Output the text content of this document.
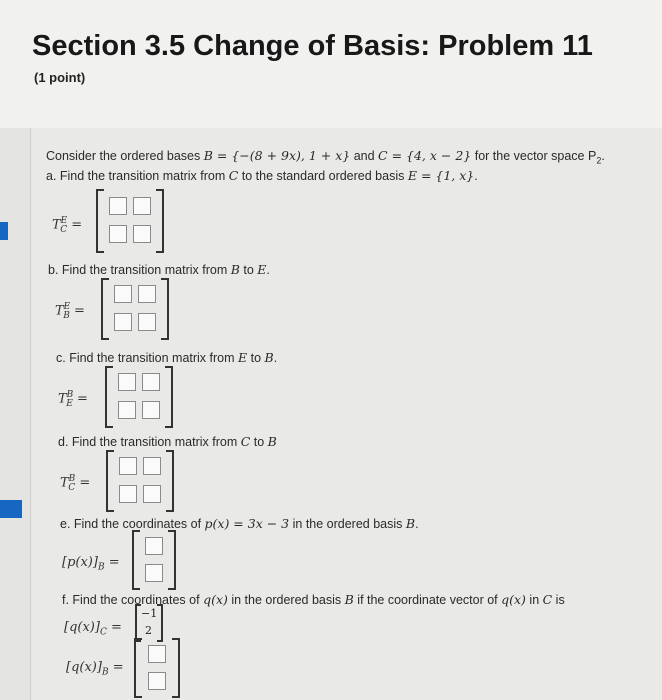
Section 3.5 Change of Basis: Problem 11
(1 point)
Consider the ordered bases B = {−(8 + 9x), 1 + x} and C = {4, x − 2} for the vector space $P_2$.
a. Find the transition matrix from C to the standard ordered basis E = {1, x}.
$T^E_C$ =
b. Find the transition matrix from B to E.
$T^E_B$ =
c. Find the transition matrix from E to B.
$T^B_E$ =
d. Find the transition matrix from C to B
$T^B_C$ =
e. Find the coordinates of p(x) = 3x − 3 in the ordered basis B.
$[p(x)]_B$ =
f. Find the coordinates of q(x) in the ordered basis B if the coordinate vector of q(x) in C is
$[q(x)]_C$ =
−1
2
$[q(x)]_B$ =
